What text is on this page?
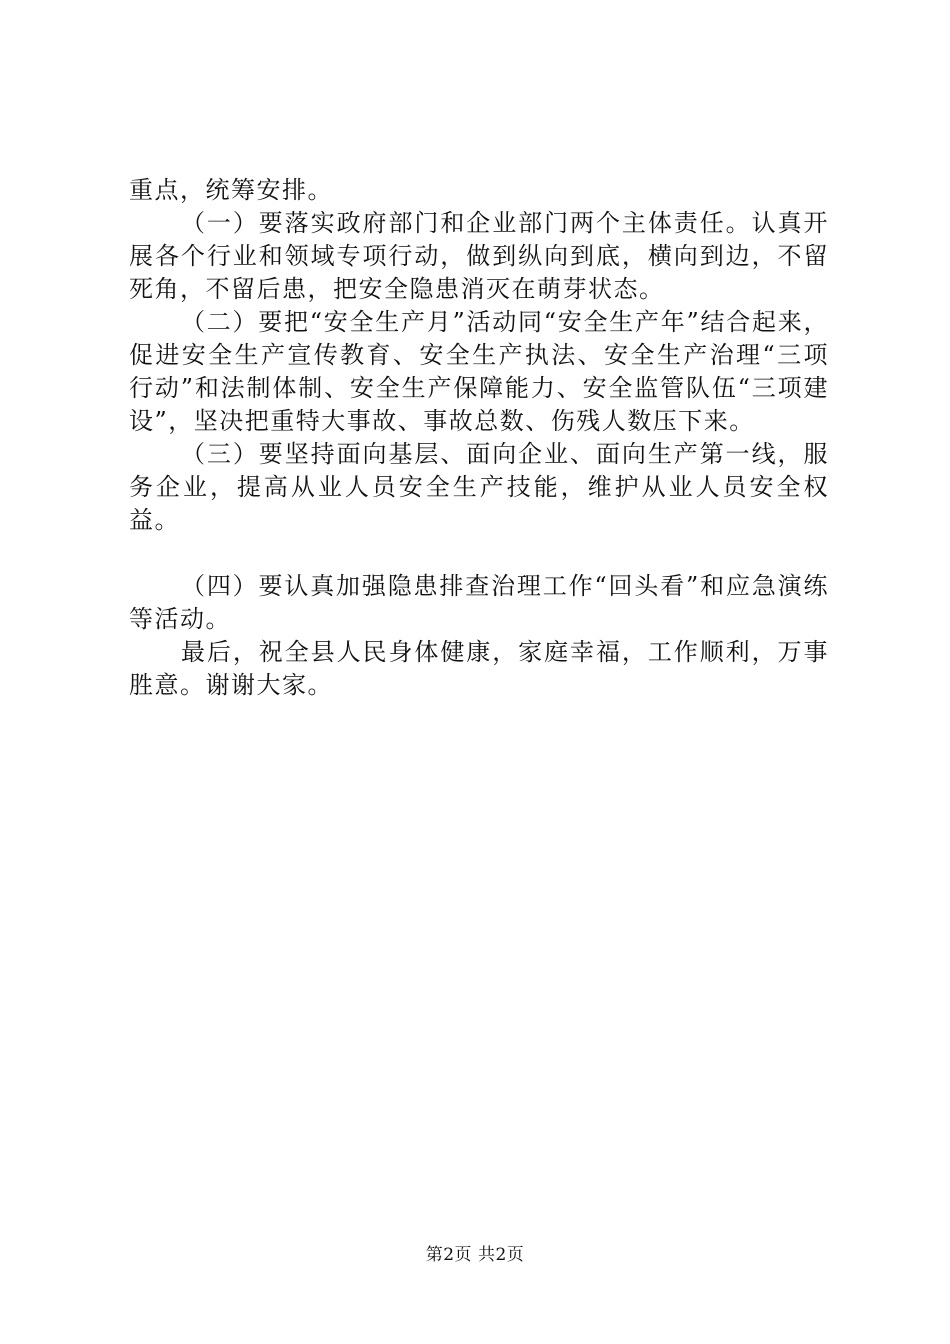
重点，统筹安排。

（一）要落实政府部门和企业部门两个主体责任。认真开展各个行业和领域专项行动，做到纵向到底，横向到边，不留死角，不留后患，把安全隐患消灭在萌芽状态。

（二）要把“安全生产月”活动同“安全生产年”结合起来，促进安全生产宣传教育、安全生产执法、安全生产治理“三项行动”和法制体制、安全生产保障能力、安全监管队伍“三项建设”，坚决把重特大事故、事故总数、伤残人数压下来。

（三）要坚持面向基层、面向企业、面向生产第一线，服务企业，提高从业人员安全生产技能，维护从业人员安全权益。

（四）要认真加强隐患排查治理工作“回头看”和应急演练等活动。

最后，祝全县人民身体健康，家庭幸福，工作顺利，万事胜意。谢谢大家。

第2页 共2页
